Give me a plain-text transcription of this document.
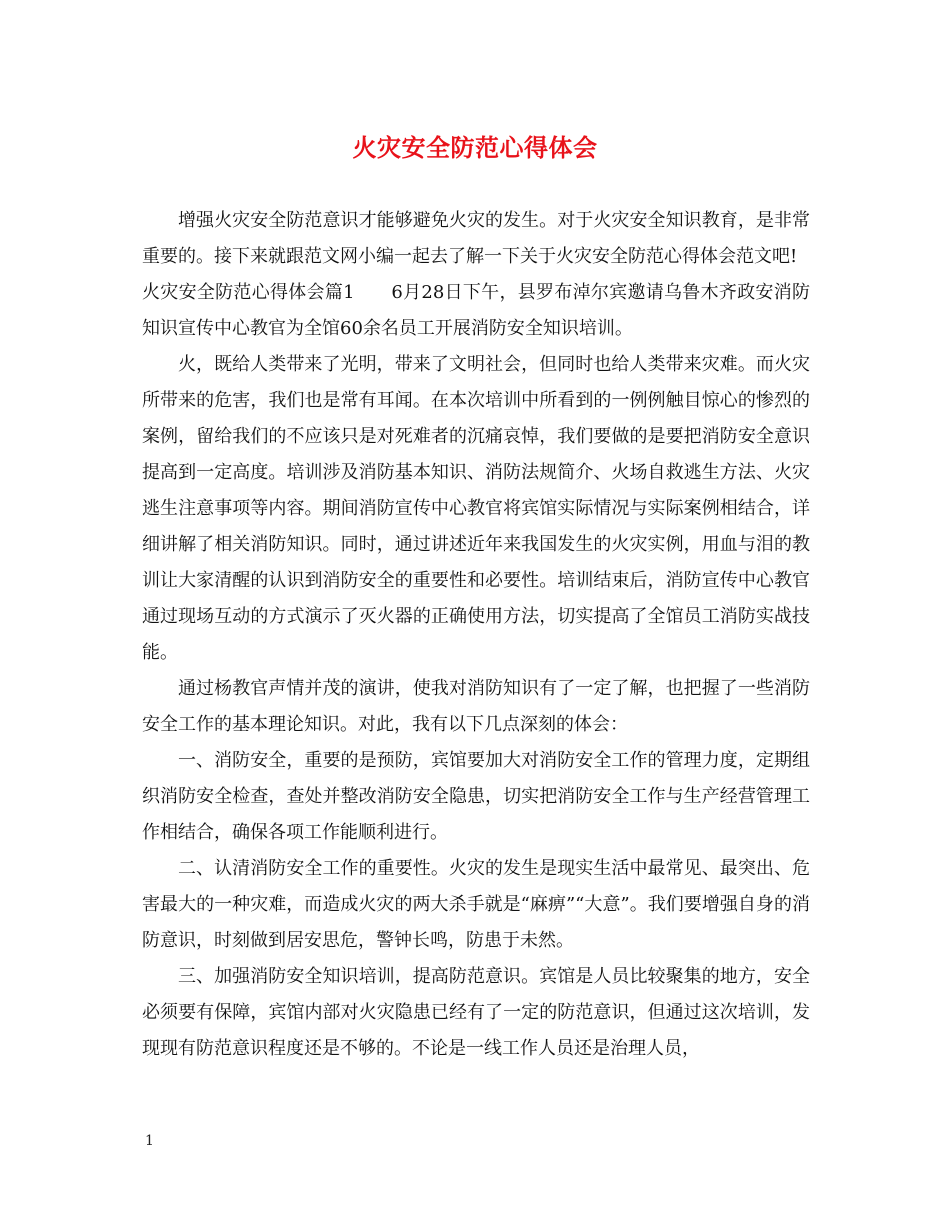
火灾安全防范心得体会

增强火灾安全防范意识才能够避免火灾的发生。对于火灾安全知识教育，是非常重要的。接下来就跟范文网小编一起去了解一下关于火灾安全防范心得体会范文吧!

火灾安全防范心得体会篇1　　6月28日下午，县罗布淖尔宾邀请乌鲁木齐政安消防知识宣传中心教官为全馆60余名员工开展消防安全知识培训。

火，既给人类带来了光明，带来了文明社会，但同时也给人类带来灾难。而火灾所带来的危害，我们也是常有耳闻。在本次培训中所看到的一例例触目惊心的惨烈的案例，留给我们的不应该只是对死难者的沉痛哀悼，我们要做的是要把消防安全意识提高到一定高度。培训涉及消防基本知识、消防法规简介、火场自救逃生方法、火灾逃生注意事项等内容。期间消防宣传中心教官将宾馆实际情况与实际案例相结合，详细讲解了相关消防知识。同时，通过讲述近年来我国发生的火灾实例，用血与泪的教训让大家清醒的认识到消防安全的重要性和必要性。培训结束后，消防宣传中心教官通过现场互动的方式演示了灭火器的正确使用方法，切实提高了全馆员工消防实战技能。

通过杨教官声情并茂的演讲，使我对消防知识有了一定了解，也把握了一些消防安全工作的基本理论知识。对此，我有以下几点深刻的体会：

一、消防安全，重要的是预防，宾馆要加大对消防安全工作的管理力度，定期组织消防安全检查，查处并整改消防安全隐患，切实把消防安全工作与生产经营管理工作相结合，确保各项工作能顺利进行。

二、认清消防安全工作的重要性。火灾的发生是现实生活中最常见、最突出、危害最大的一种灾难，而造成火灾的两大杀手就是“麻痹”“大意”。我们要增强自身的消防意识，时刻做到居安思危，警钟长鸣，防患于未然。

三、加强消防安全知识培训，提高防范意识。宾馆是人员比较聚集的地方，安全必须要有保障，宾馆内部对火灾隐患已经有了一定的防范意识，但通过这次培训，发现现有防范意识程度还是不够的。不论是一线工作人员还是治理人员，

1
